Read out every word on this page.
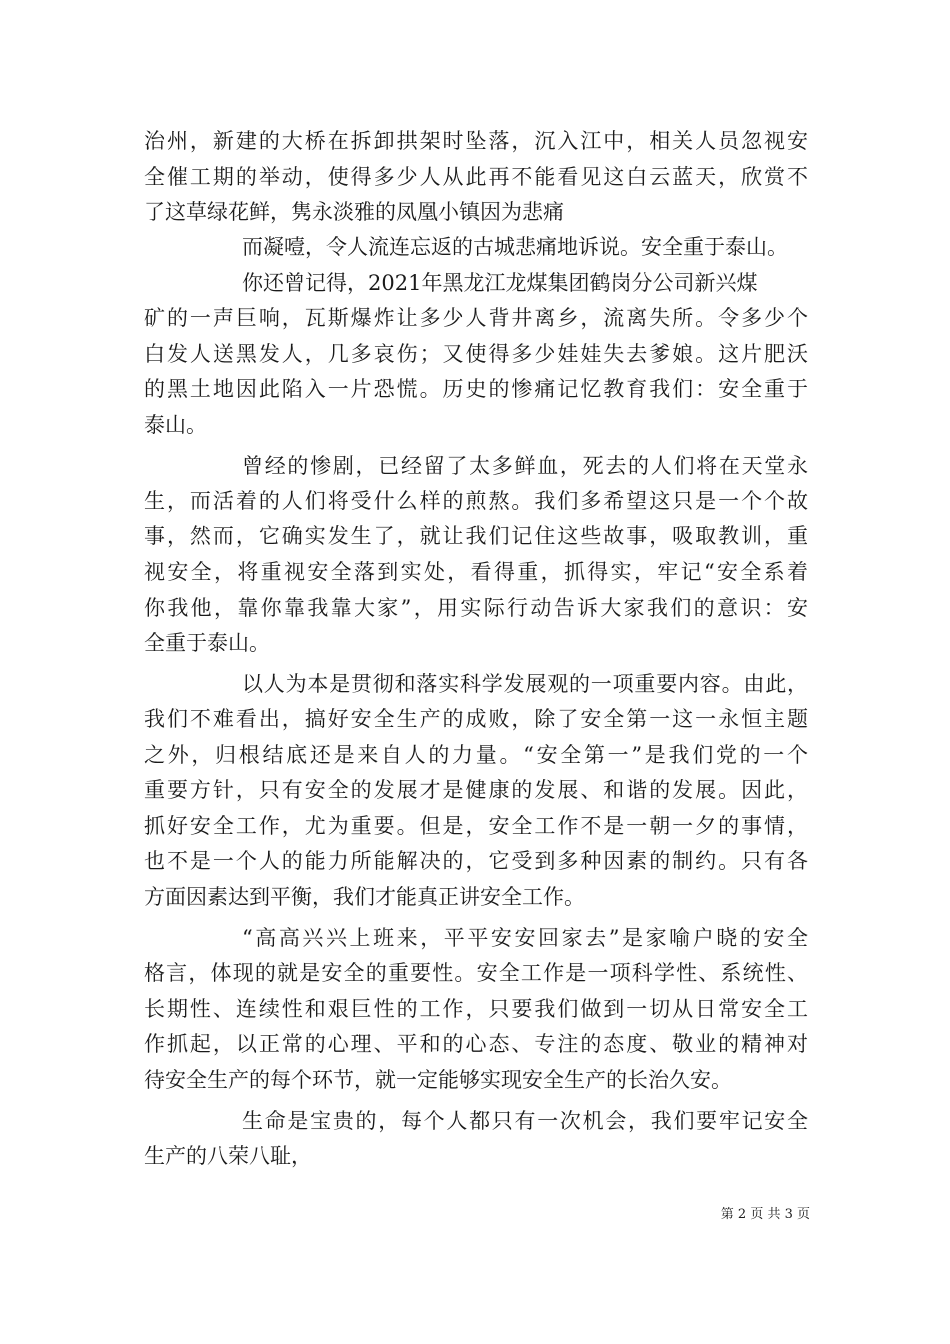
治州，新建的大桥在拆卸拱架时坠落，沉入江中，相关人员忽视安
全催工期的举动，使得多少人从此再不能看见这白云蓝天，欣赏不
了这草绿花鲜，隽永淡雅的凤凰小镇因为悲痛
而凝噎，令人流连忘返的古城悲痛地诉说。安全重于泰山。
你还曾记得，2021年黑龙江龙煤集团鹤岗分公司新兴煤
矿的一声巨响，瓦斯爆炸让多少人背井离乡，流离失所。令多少个
白发人送黑发人，几多哀伤；又使得多少娃娃失去爹娘。这片肥沃
的黑土地因此陷入一片恐慌。历史的惨痛记忆教育我们：安全重于
泰山。
曾经的惨剧，已经留了太多鲜血，死去的人们将在天堂永
生，而活着的人们将受什么样的煎熬。我们多希望这只是一个个故
事，然而，它确实发生了，就让我们记住这些故事，吸取教训，重
视安全，将重视安全落到实处，看得重，抓得实，牢记“安全系着
你我他，靠你靠我靠大家”，用实际行动告诉大家我们的意识：安
全重于泰山。
以人为本是贯彻和落实科学发展观的一项重要内容。由此，
我们不难看出，搞好安全生产的成败，除了安全第一这一永恒主题
之外，归根结底还是来自人的力量。“安全第一”是我们党的一个
重要方针，只有安全的发展才是健康的发展、和谐的发展。因此，
抓好安全工作，尤为重要。但是，安全工作不是一朝一夕的事情，
也不是一个人的能力所能解决的，它受到多种因素的制约。只有各
方面因素达到平衡，我们才能真正讲安全工作。
“高高兴兴上班来，平平安安回家去”是家喻户晓的安全
格言，体现的就是安全的重要性。安全工作是一项科学性、系统性、
长期性、连续性和艰巨性的工作，只要我们做到一切从日常安全工
作抓起，以正常的心理、平和的心态、专注的态度、敬业的精神对
待安全生产的每个环节，就一定能够实现安全生产的长治久安。
生命是宝贵的，每个人都只有一次机会，我们要牢记安全
生产的八荣八耻，
第 2 页 共 3 页
